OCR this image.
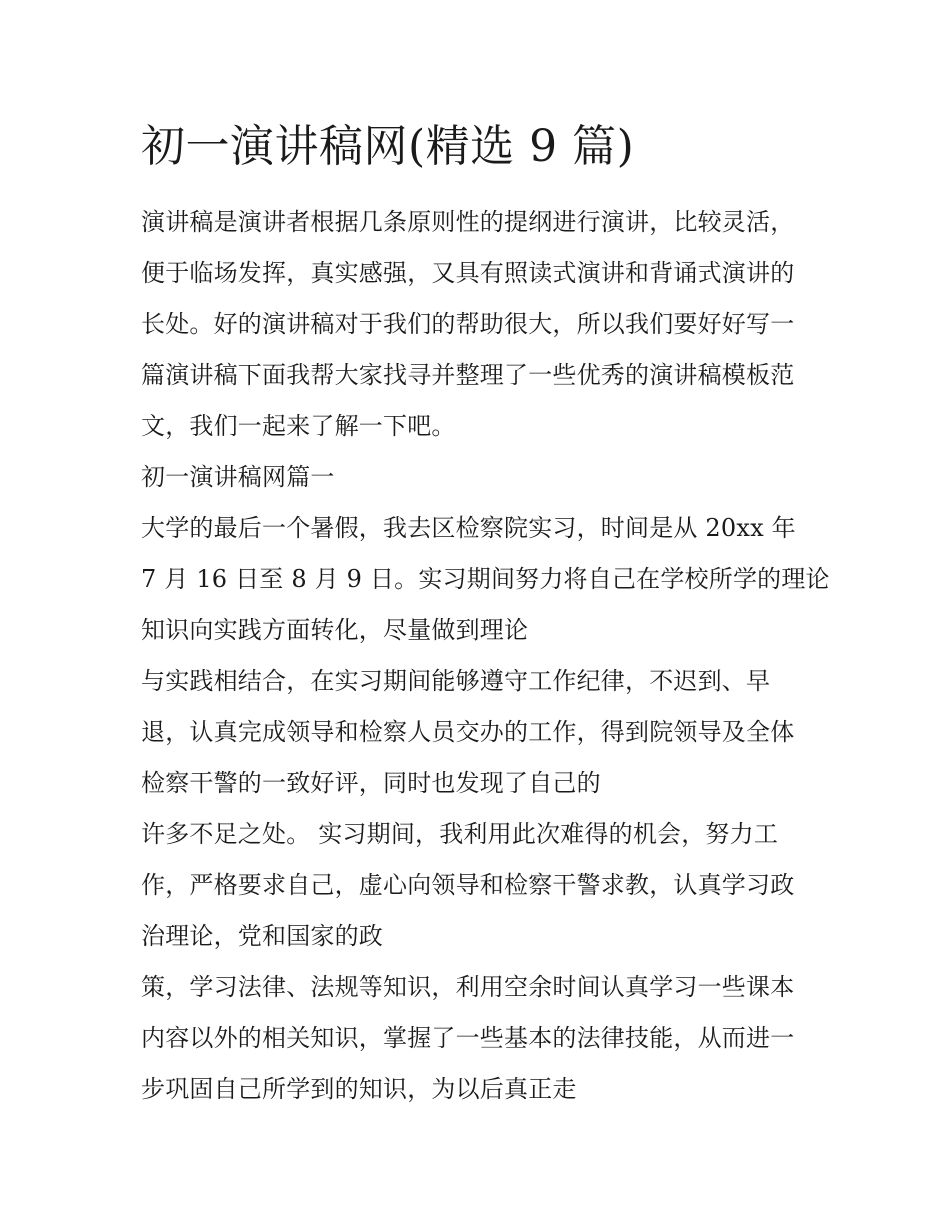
初一演讲稿网(精选 9 篇)

演讲稿是演讲者根据几条原则性的提纲进行演讲，比较灵活，
便于临场发挥，真实感强，又具有照读式演讲和背诵式演讲的
长处。好的演讲稿对于我们的帮助很大，所以我们要好好写一
篇演讲稿下面我帮大家找寻并整理了一些优秀的演讲稿模板范
文，我们一起来了解一下吧。

初一演讲稿网篇一

大学的最后一个暑假，我去区检察院实习，时间是从 20xx 年
7 月 16 日至 8 月 9 日。实习期间努力将自己在学校所学的理论
知识向实践方面转化，尽量做到理论

与实践相结合，在实习期间能够遵守工作纪律，不迟到、早
退，认真完成领导和检察人员交办的工作，得到院领导及全体
检察干警的一致好评，同时也发现了自己的

许多不足之处。 实习期间，我利用此次难得的机会，努力工
作，严格要求自己，虚心向领导和检察干警求教，认真学习政
治理论，党和国家的政

策，学习法律、法规等知识，利用空余时间认真学习一些课本
内容以外的相关知识，掌握了一些基本的法律技能，从而进一
步巩固自己所学到的知识，为以后真正走
